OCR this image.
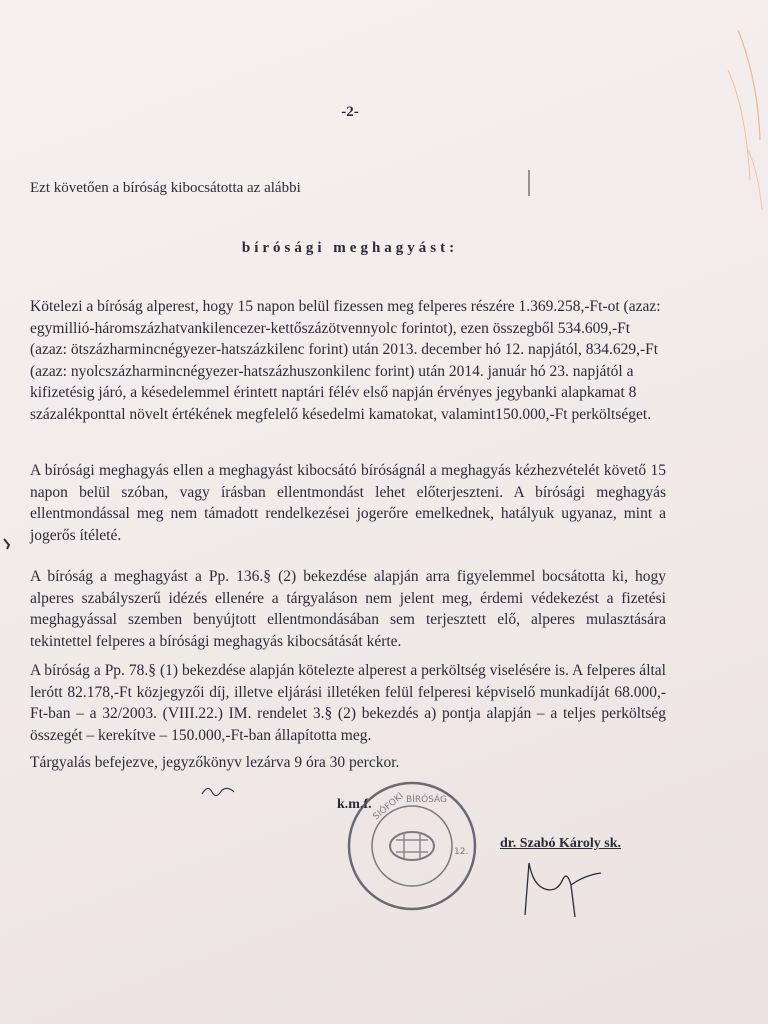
-2-
Ezt követően a bíróság kibocsátotta az alábbi
bírósági meghagyást:

Kötelezi a bíróság alperest, hogy 15 napon belül fizessen meg felperes részére 1.369.258,-Ft-ot (azaz: egymillió-háromszázhatvankilencezer-kettőszázötvennyolc forintot), ezen összegből 534.609,-Ft (azaz: ötszázharmincnégyezer-hatszázkilenc forint) után 2013. december hó 12. napjától, 834.629,-Ft (azaz: nyolcszázharmincnégyezer-hatszázhuszonkilenc forint) után 2014. január hó 23. napjától a kifizetésig járó, a késedelemmel érintett naptári félév első napján érvényes jegybanki alapkamat 8 százalékponttal növelt értékének megfelelő késedelmi kamatokat, valamint150.000,-Ft perköltséget.

A bírósági meghagyás ellen a meghagyást kibocsátó bíróságnál a meghagyás kézhezvételét követő 15 napon belül szóban, vagy írásban ellentmondást lehet előterjeszteni. A bírósági meghagyás ellentmondással meg nem támadott rendelkezései jogerőre emelkednek, hatályuk ugyanaz, mint a jogerős ítéleté.

A bíróság a meghagyást a Pp. 136.§ (2) bekezdése alapján arra figyelemmel bocsátotta ki, hogy alperes szabályszerű idézés ellenére a tárgyaláson nem jelent meg, érdemi védekezést a fizetési meghagyással szemben benyújtott ellentmondásában sem terjesztett elő, alperes mulasztására tekintettel felperes a bírósági meghagyás kibocsátását kérte.

A bíróság a Pp. 78.§ (1) bekezdése alapján kötelezte alperest a perköltség viselésére is. A felperes által lerótt 82.178,-Ft közjegyzői díj, illetve eljárási illetéken felül felperesi képviselő munkadíját 68.000,-Ft-ban – a 32/2003. (VIII.22.) IM. rendelet 3.§ (2) bekezdés a) pontja alapján – a teljes perköltség összegét – kerekítve – 150.000,-Ft-ban állapította meg.

Tárgyalás befejezve, jegyzőkönyv lezárva 9 óra 30 perckor.

k.m.f. SIÓFOKI BÍRÓSÁG
12.
dr. Szabó Károly sk.
